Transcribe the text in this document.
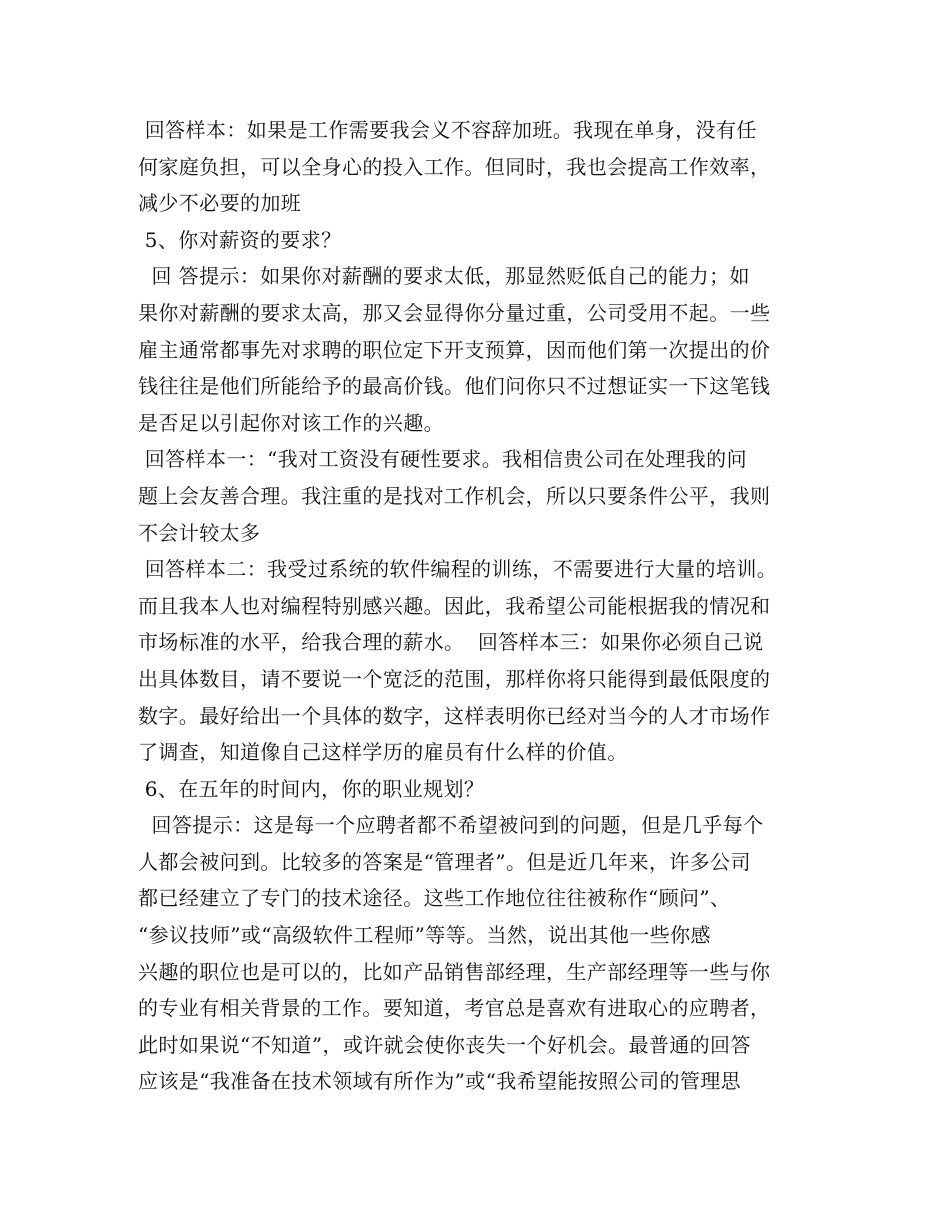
回答样本：如果是工作需要我会义不容辞加班。我现在单身，没有任
何家庭负担，可以全身心的投入工作。但同时，我也会提高工作效率，
减少不必要的加班
5、你对薪资的要求？
回 答提示：如果你对薪酬的要求太低，那显然贬低自己的能力；如
果你对薪酬的要求太高，那又会显得你分量过重，公司受用不起。一些
雇主通常都事先对求聘的职位定下开支预算，因而他们第一次提出的价
钱往往是他们所能给予的最高价钱。他们问你只不过想证实一下这笔钱
是否足以引起你对该工作的兴趣。
回答样本一：“我对工资没有硬性要求。我相信贵公司在处理我的问
题上会友善合理。我注重的是找对工作机会，所以只要条件公平，我则
不会计较太多
回答样本二：我受过系统的软件编程的训练，不需要进行大量的培训。
而且我本人也对编程特别感兴趣。因此，我希望公司能根据我的情况和
市场标准的水平，给我合理的薪水。  回答样本三：如果你必须自己说
出具体数目，请不要说一个宽泛的范围，那样你将只能得到最低限度的
数字。最好给出一个具体的数字，这样表明你已经对当今的人才市场作
了调查，知道像自己这样学历的雇员有什么样的价值。
6、在五年的时间内，你的职业规划？
回答提示：这是每一个应聘者都不希望被问到的问题，但是几乎每个
人都会被问到。比较多的答案是“管理者”。但是近几年来，许多公司
都已经建立了专门的技术途径。这些工作地位往往被称作“顾问”、
“参议技师”或“高级软件工程师”等等。当然，说出其他一些你感
兴趣的职位也是可以的，比如产品销售部经理，生产部经理等一些与你
的专业有相关背景的工作。要知道，考官总是喜欢有进取心的应聘者，
此时如果说“不知道”，或许就会使你丧失一个好机会。最普通的回答
应该是“我准备在技术领域有所作为”或“我希望能按照公司的管理思
